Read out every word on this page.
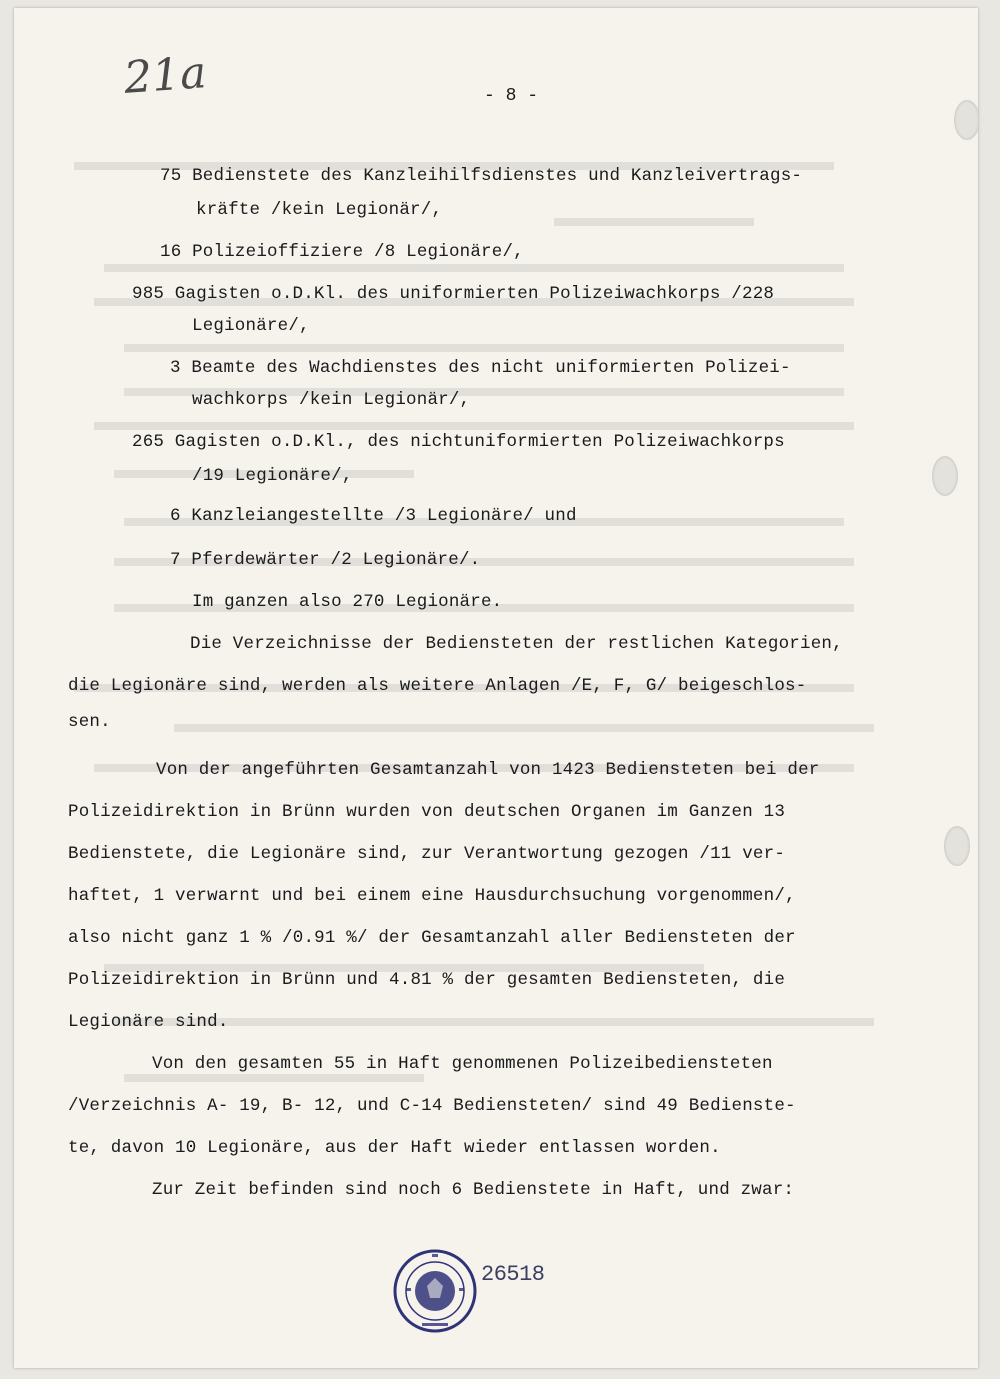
21a	- 8 -

75 Bedienstete des Kanzleihilfsdienstes und Kanzleivertrags-

kräfte /kein Legionär/,

16 Polizeioffiziere /8 Legionäre/,

985 Gagisten o.D.Kl. des uniformierten Polizeiwachkorps /228

Legionäre/,

3 Beamte des Wachdienstes des nicht uniformierten Polizei-

wachkorps /kein Legionär/,

265 Gagisten o.D.Kl., des nichtuniformierten Polizeiwachkorps

/19 Legionäre/,

6 Kanzleiangestellte /3 Legionäre/ und

7 Pferdewärter /2 Legionäre/.

Im ganzen also 270 Legionäre.

Die Verzeichnisse der Bediensteten der restlichen Kategorien,

die Legionäre sind, werden als weitere Anlagen /E, F, G/ beigeschlos-

sen.

Von der angeführten Gesamtanzahl von 1423 Bediensteten bei der

Polizeidirektion in Brünn wurden von deutschen Organen im Ganzen 13

Bedienstete, die Legionäre sind, zur Verantwortung gezogen /11 ver-

haftet, 1 verwarnt und bei einem eine Hausdurchsuchung vorgenommen/,

also nicht ganz 1 % /0.91 %/ der Gesamtanzahl aller Bediensteten der

Polizeidirektion in Brünn und 4.81 % der gesamten Bediensteten, die

Legionäre sind.

Von den gesamten 55 in Haft genommenen Polizeibediensteten

/Verzeichnis A- 19, B- 12, und C-14 Bediensteten/ sind 49 Bedienste-

te, davon 10 Legionäre, aus der Haft wieder entlassen worden.

Zur Zeit befinden sind noch 6 Bedienstete in Haft, und zwar:

26518
